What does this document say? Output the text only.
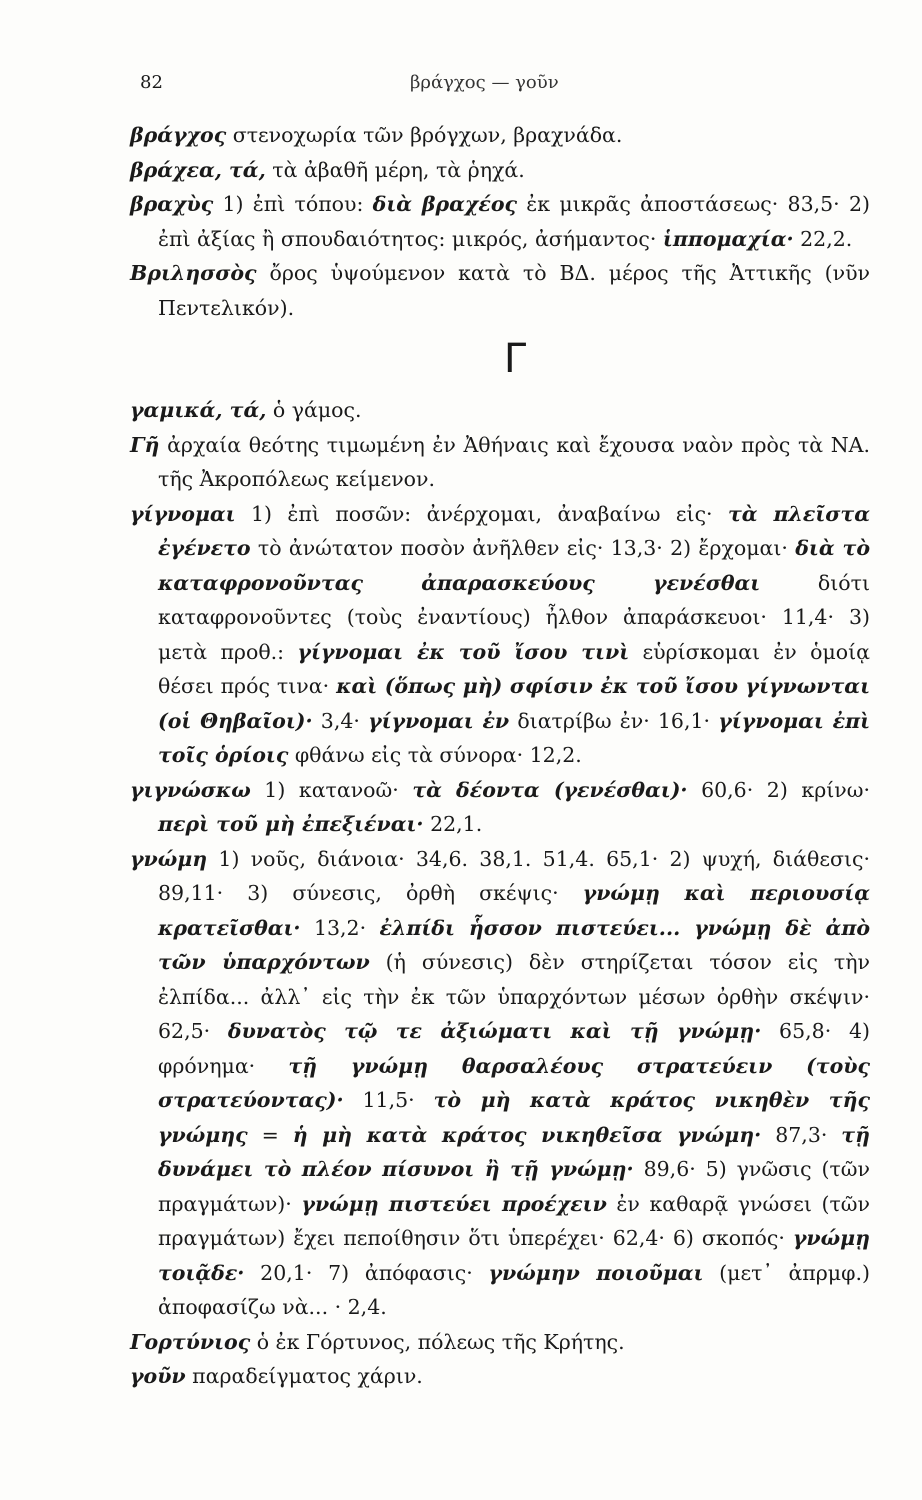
82	βράγχος — γοῦν

βράγχος στενοχωρία τῶν βρόγχων, βραχνάδα.

βράχεα, τά, τὰ ἀβαθῆ μέρη, τὰ ῥηχά.

βραχὺς 1) ἐπὶ τόπου: διὰ βραχέος ἐκ μικρᾶς ἀποστάσεως· 83,5· 2) ἐπὶ ἀξίας ἢ σπουδαιότητος: μικρός, ἀσήμαντος· ἱππομαχία· 22,2.

Βριλησσὸς ὄρος ὑψούμενον κατὰ τὸ ΒΔ. μέρος τῆς Ἀττικῆς (νῦν Πεντελικόν).

Γ

γαμικά, τά, ὁ γάμος.

Γῆ ἀρχαία θεότης τιμωμένη ἐν Ἀθήναις καὶ ἔχουσα ναὸν πρὸς τὰ ΝΑ. τῆς Ἀκροπόλεως κείμενον.

γίγνομαι 1) ἐπὶ ποσῶν: ἀνέρχομαι, ἀναβαίνω εἰς· τὰ πλεῖστα ἐγένετο τὸ ἀνώτατον ποσὸν ἀνῆλθεν εἰς· 13,3· 2) ἔρχομαι· διὰ τὸ καταφρονοῦντας ἀπαρασκεύους γενέσθαι διότι καταφρονοῦντες (τοὺς ἐναντίους) ἦλθον ἀπαράσκευοι· 11,4· 3) μετὰ προθ.: γίγνομαι ἐκ τοῦ ἴσου τινὶ εὑρίσκομαι ἐν ὁμοίᾳ θέσει πρός τινα· καὶ (ὅπως μὴ) σφίσιν ἐκ τοῦ ἴσου γίγνωνται (οἱ Θηβαῖοι)· 3,4· γίγνομαι ἐν διατρίβω ἐν· 16,1· γίγνομαι ἐπὶ τοῖς ὁρίοις φθάνω εἰς τὰ σύνορα· 12,2.

γιγνώσκω 1) κατανοῶ· τὰ δέοντα (γενέσθαι)· 60,6· 2) κρίνω· περὶ τοῦ μὴ ἐπεξιέναι· 22,1.

γνώμη 1) νοῦς, διάνοια· 34,6. 38,1. 51,4. 65,1· 2) ψυχή, διάθεσις· 89,11· 3) σύνεσις, ὀρθὴ σκέψις· γνώμῃ καὶ περιουσίᾳ κρατεῖσθαι· 13,2· ἐλπίδι ἧσσον πιστεύει... γνώμῃ δὲ ἀπὸ τῶν ὑπαρχόντων (ἡ σύνεσις) δὲν στηρίζεται τόσον εἰς τὴν ἐλπίδα... ἀλλ᾽ εἰς τὴν ἐκ τῶν ὑπαρχόντων μέσων ὀρθὴν σκέψιν· 62,5· δυνατὸς τῷ τε ἀξιώματι καὶ τῇ γνώμῃ· 65,8· 4) φρόνημα· τῇ γνώμῃ θαρσαλέους στρατεύειν (τοὺς στρατεύοντας)· 11,5· τὸ μὴ κατὰ κράτος νικηθὲν τῆς γνώμης = ἡ μὴ κατὰ κράτος νικηθεῖσα γνώμη· 87,3· τῇ δυνάμει τὸ πλέον πίσυνοι ἢ τῇ γνώμῃ· 89,6· 5) γνῶσις (τῶν πραγμάτων)· γνώμῃ πιστεύει προέχειν ἐν καθαρᾷ γνώσει (τῶν πραγμάτων) ἔχει πεποίθησιν ὅτι ὑπερέχει· 62,4· 6) σκοπός· γνώμῃ τοιᾷδε· 20,1· 7) ἀπόφασις· γνώμην ποιοῦμαι (μετ᾽ ἀπρμφ.) ἀποφασίζω νὰ... · 2,4.

Γορτύνιος ὁ ἐκ Γόρτυνος, πόλεως τῆς Κρήτης.

γοῦν παραδείγματος χάριν.
